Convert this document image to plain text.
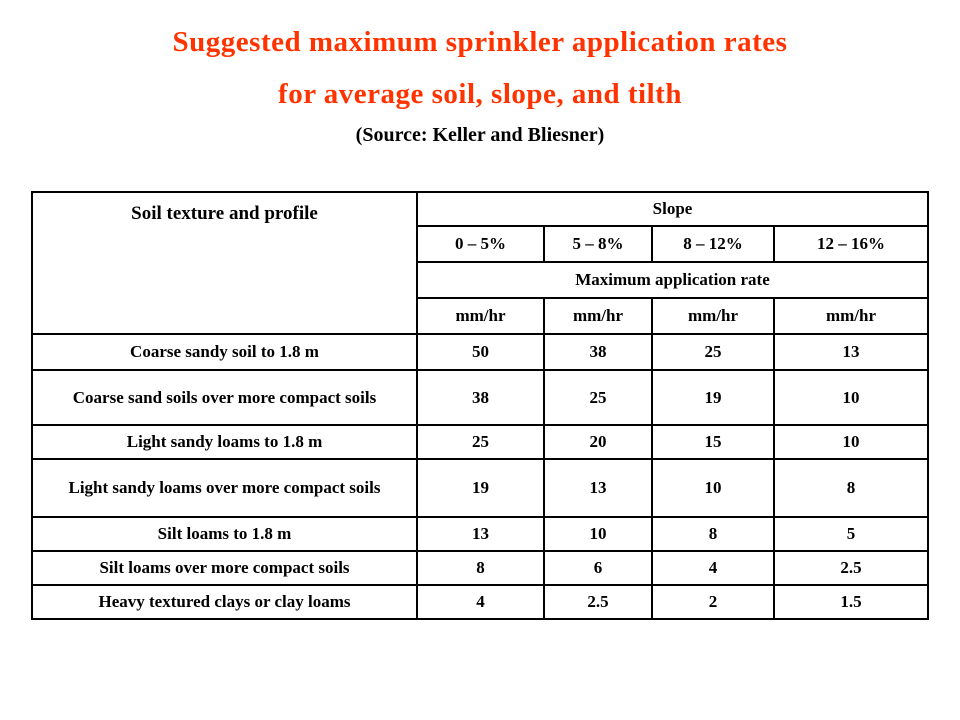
Suggested maximum sprinkler application rates
for average soil, slope, and tilth
(Source: Keller and Bliesner)
Soil texture and profile	Slope			
	0 – 5%	5 – 8%	8 – 12%	12 – 16%
	Maximum application rate			
	mm/hr	mm/hr	mm/hr	mm/hr
Coarse sandy soil to 1.8 m	50	38	25	13
Coarse sand soils over more compact soils	38	25	19	10
Light sandy loams to 1.8 m	25	20	15	10
Light sandy loams over more compact soils	19	13	10	8
Silt loams to 1.8 m	13	10	8	5
Silt loams over more compact soils	8	6	4	2.5
Heavy textured clays or clay loams	4	2.5	2	1.5
